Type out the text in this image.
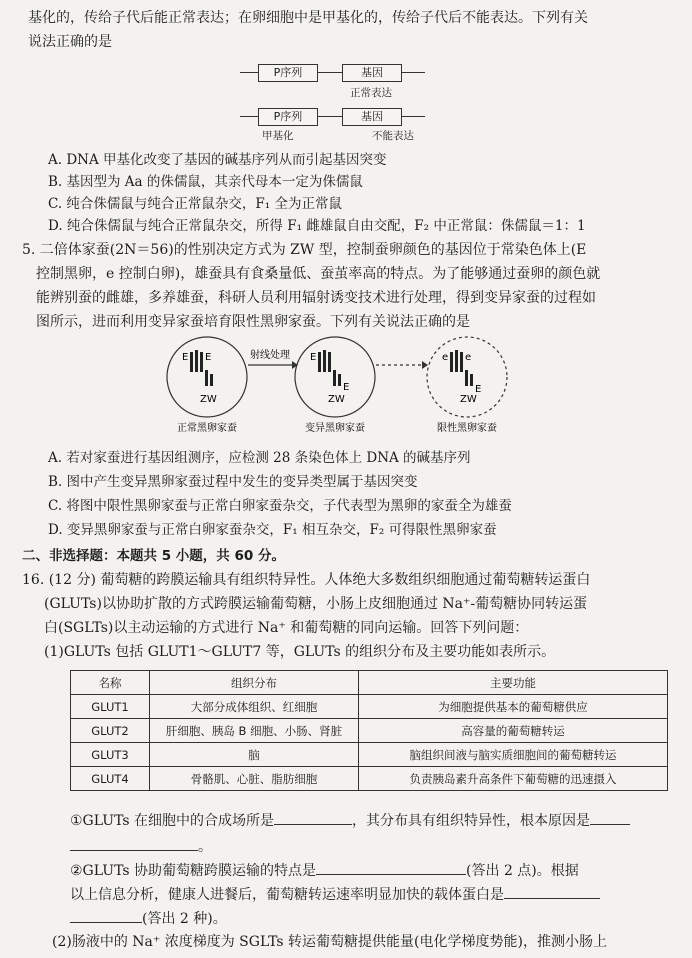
基化的，传给子代后能正常表达；在卵细胞中是甲基化的，传给子代后不能表达。下列有关
说法正确的是
P序列	基因
正常表达
P序列	基因
甲基化	不能表达
A. DNA 甲基化改变了基因的碱基序列从而引起基因突变
B. 基因型为 Aa 的侏儒鼠，其亲代母本一定为侏儒鼠
C. 纯合侏儒鼠与纯合正常鼠杂交，F₁ 全为正常鼠
D. 纯合侏儒鼠与纯合正常鼠杂交，所得 F₁ 雌雄鼠自由交配，F₂ 中正常鼠：侏儒鼠＝1：1
5. 二倍体家蚕(2N＝56)的性别决定方式为 ZW 型，控制蚕卵颜色的基因位于常染色体上(E
控制黑卵，e 控制白卵)，雄蚕具有食桑量低、蚕茧率高的特点。为了能够通过蚕卵的颜色就
能辨别蚕的雌雄，多养雄蚕，科研人员利用辐射诱变技术进行处理，得到变异家蚕的过程如
图所示，进而利用变异家蚕培育限性黑卵家蚕。下列有关说法正确的是
射线处理
E E
ZW
E
E
ZW
e e
E
ZW
正常黑卵家蚕	变异黑卵家蚕	限性黑卵家蚕
A. 若对家蚕进行基因组测序，应检测 28 条染色体上 DNA 的碱基序列
B. 图中产生变异黑卵家蚕过程中发生的变异类型属于基因突变
C. 将图中限性黑卵家蚕与正常白卵家蚕杂交，子代表型为黑卵的家蚕全为雄蚕
D. 变异黑卵家蚕与正常白卵家蚕杂交，F₁ 相互杂交，F₂ 可得限性黑卵家蚕
二、非选择题：本题共 5 小题，共 60 分。
16. (12 分) 葡萄糖的跨膜运输具有组织特异性。人体绝大多数组织细胞通过葡萄糖转运蛋白
(GLUTs)以协助扩散的方式跨膜运输葡萄糖，小肠上皮细胞通过 Na⁺-葡萄糖协同转运蛋
白(SGLTs)以主动运输的方式进行 Na⁺ 和葡萄糖的同向运输。回答下列问题：
(1)GLUTs 包括 GLUT1～GLUT7 等，GLUTs 的组织分布及主要功能如表所示。
名称	组织分布	主要功能
GLUT1	大部分成体组织、红细胞	为细胞提供基本的葡萄糖供应
GLUT2	肝细胞、胰岛 B 细胞、小肠、肾脏	高容量的葡萄糖转运
GLUT3	脑	脑组织间液与脑实质细胞间的葡萄糖转运
GLUT4	骨骼肌、心脏、脂肪细胞	负责胰岛素升高条件下葡萄糖的迅速摄入
①GLUTs 在细胞中的合成场所是	，其分布具有组织特异性，根本原因是
。
②GLUTs 协助葡萄糖跨膜运输的特点是	(答出 2 点)。根据
以上信息分析，健康人进餐后，葡萄糖转运速率明显加快的载体蛋白是
(答出 2 种)。
(2)肠液中的 Na⁺ 浓度梯度为 SGLTs 转运葡萄糖提供能量(电化学梯度势能)，推测小肠上
